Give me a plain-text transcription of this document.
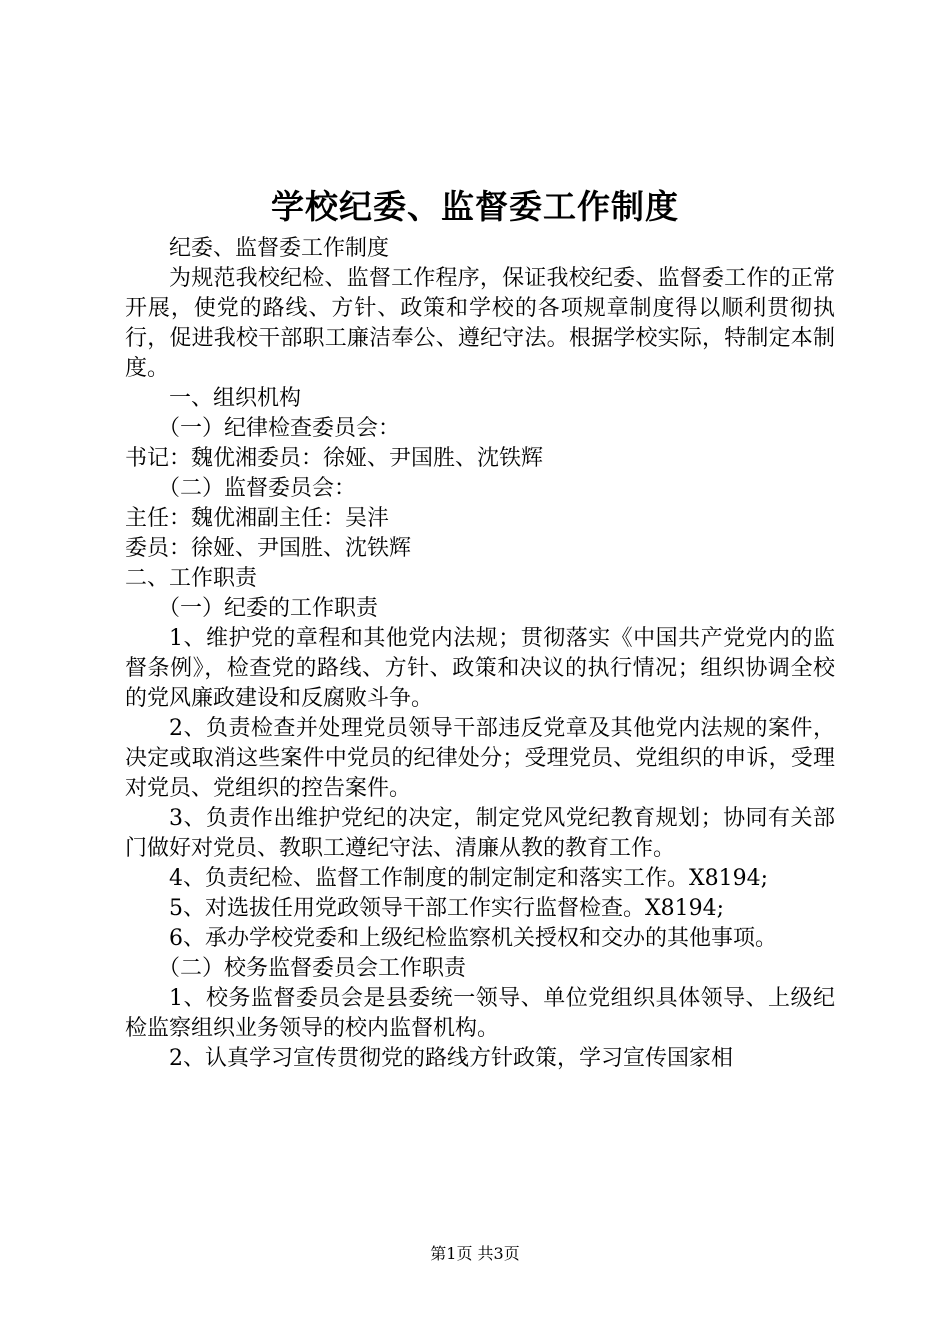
学校纪委、监督委工作制度

纪委、监督委工作制度

为规范我校纪检、监督工作程序，保证我校纪委、监督委工作的正常开展，使党的路线、方针、政策和学校的各项规章制度得以顺利贯彻执行，促进我校干部职工廉洁奉公、遵纪守法。根据学校实际，特制定本制度。

一、组织机构

（一）纪律检查委员会：

书记：魏优湘委员：徐娅、尹国胜、沈铁辉

（二）监督委员会：

主任：魏优湘副主任：吴沣

委员：徐娅、尹国胜、沈铁辉

二、工作职责

（一）纪委的工作职责

1、维护党的章程和其他党内法规；贯彻落实《中国共产党党内的监督条例》，检查党的路线、方针、政策和决议的执行情况；组织协调全校的党风廉政建设和反腐败斗争。

2、负责检查并处理党员领导干部违反党章及其他党内法规的案件，决定或取消这些案件中党员的纪律处分；受理党员、党组织的申诉，受理对党员、党组织的控告案件。

3、负责作出维护党纪的决定，制定党风党纪教育规划；协同有关部门做好对党员、教职工遵纪守法、清廉从教的教育工作。

4、负责纪检、监督工作制度的制定制定和落实工作。X8194;

5、对选拔任用党政领导干部工作实行监督检查。X8194;

6、承办学校党委和上级纪检监察机关授权和交办的其他事项。

（二）校务监督委员会工作职责

1、校务监督委员会是县委统一领导、单位党组织具体领导、上级纪检监察组织业务领导的校内监督机构。

2、认真学习宣传贯彻党的路线方针政策，学习宣传国家相

第1页 共3页
